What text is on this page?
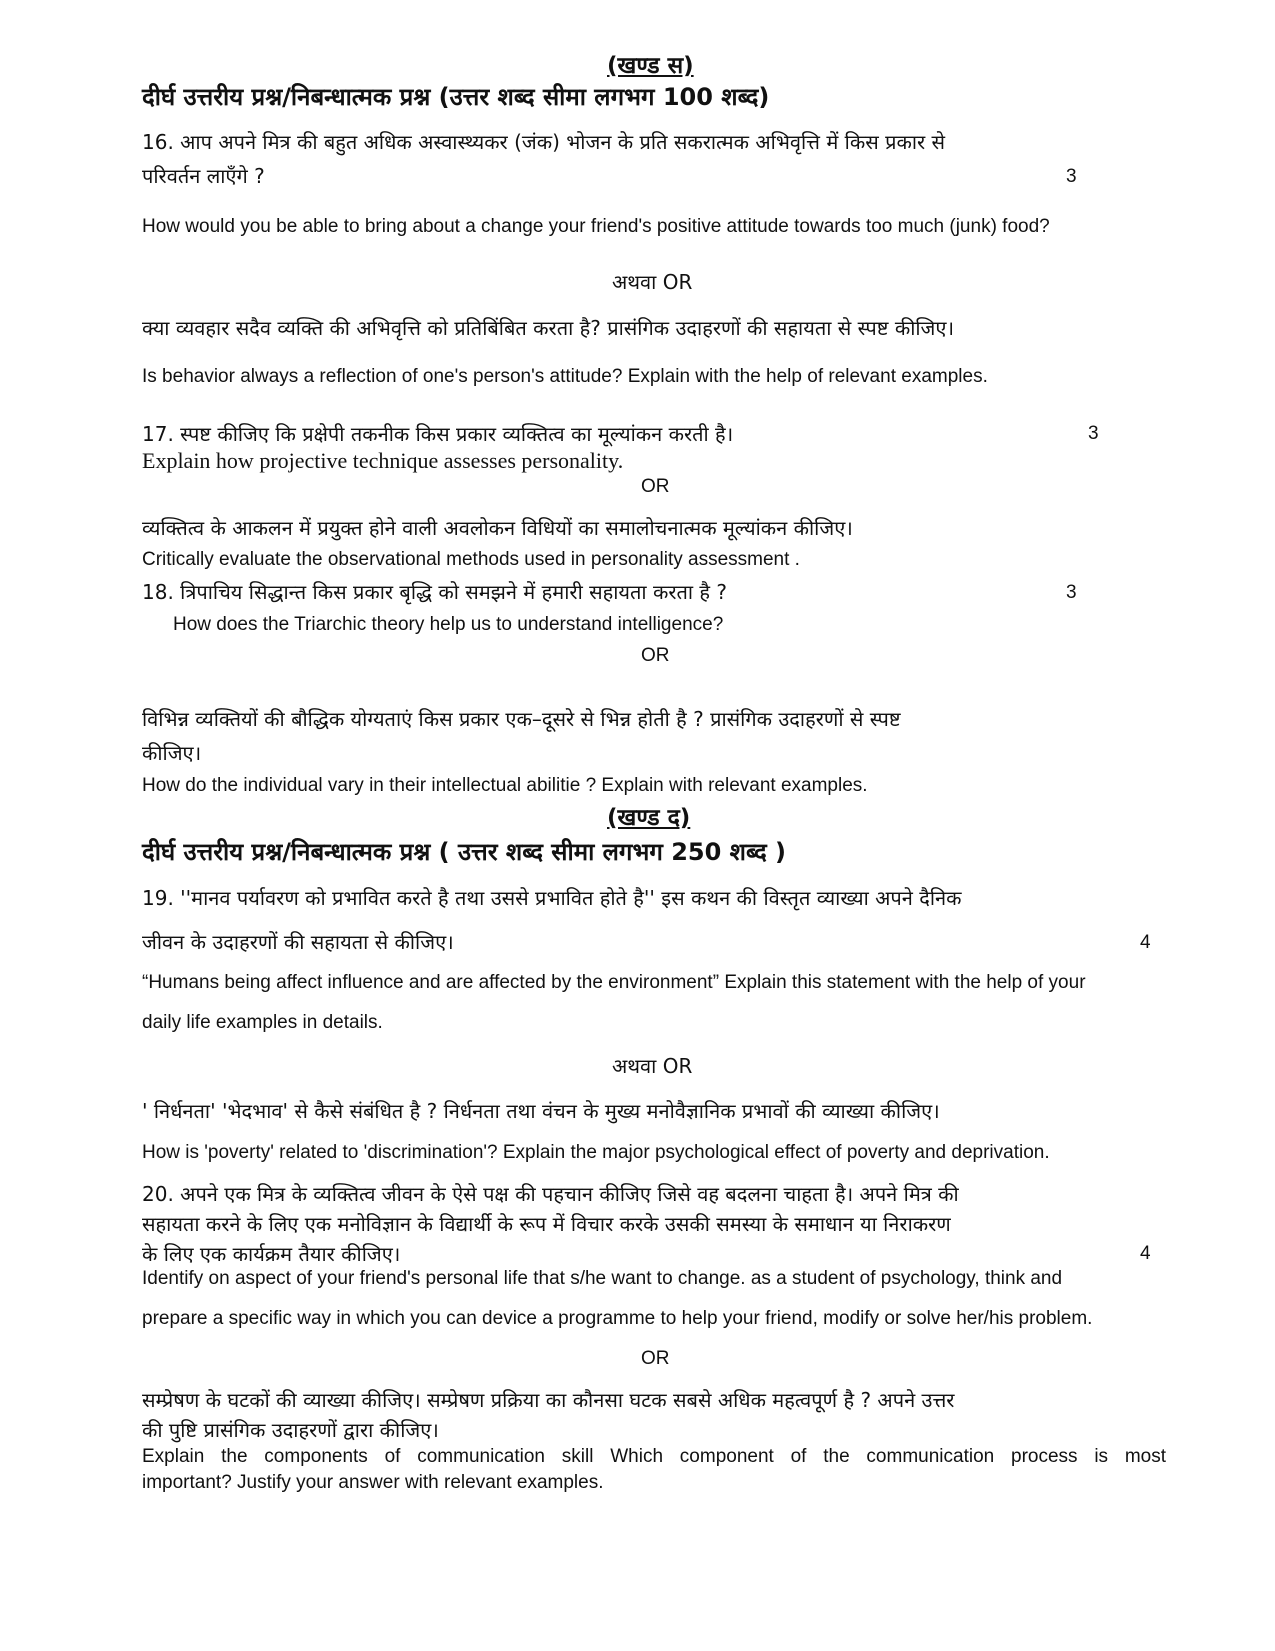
(खण्ड स)
दीर्घ उत्तरीय प्रश्न/निबन्धात्मक प्रश्न (उत्तर शब्द सीमा लगभग 100 शब्द)
16. आप अपने मित्र की बहुत अधिक अस्वास्थ्यकर (जंक) भोजन के प्रति सकरात्मक अभिवृत्ति में किस प्रकार से
परिवर्तन लाएँगे ?	3
How would you be able to bring about a change your friend's positive attitude towards too much (junk) food?
अथवा OR
क्या व्यवहार सदैव व्यक्ति की अभिवृत्ति को प्रतिबिंबित करता है? प्रासंगिक उदाहरणों की सहायता से स्पष्ट कीजिए।
Is behavior always a reflection of one's person's attitude? Explain with the help of relevant examples.
17. स्पष्ट कीजिए कि प्रक्षेपी तकनीक किस प्रकार व्यक्तित्व का मूल्यांकन करती है।	3
Explain how projective technique assesses personality.
OR
व्यक्तित्व के आकलन में प्रयुक्त होने वाली अवलोकन विधियों का समालोचनात्मक मूल्यांकन कीजिए।
Critically evaluate the observational methods used in personality assessment .
18. त्रिपाचिय सिद्धान्त किस प्रकार बृद्धि को समझने में हमारी सहायता करता है ?	3
How does the Triarchic theory help us to understand intelligence?
OR
विभिन्न व्यक्तियों की बौद्धिक योग्यताएं किस प्रकार एक–दूसरे से भिन्न होती है ? प्रासंगिक उदाहरणों से स्पष्ट
कीजिए।
How do the individual vary in their intellectual abilitie ? Explain with relevant examples.
(खण्ड द)
दीर्घ उत्तरीय प्रश्न/निबन्धात्मक प्रश्न ( उत्तर शब्द सीमा लगभग 250 शब्द )
19. ''मानव पर्यावरण को प्रभावित करते है तथा उससे प्रभावित होते है'' इस कथन की विस्तृत व्याख्या अपने दैनिक
जीवन के उदाहरणों की सहायता से कीजिए।	4
“Humans being affect influence and are affected by the environment” Explain this statement with the help of your
daily life examples in details.
अथवा OR
' निर्धनता' 'भेदभाव' से कैसे संबंधित है ? निर्धनता तथा वंचन के मुख्य मनोवैज्ञानिक प्रभावों की व्याख्या कीजिए।
How is 'poverty' related to 'discrimination'? Explain the major psychological effect of poverty and deprivation.
20. अपने एक मित्र के व्यक्तित्व जीवन के ऐसे पक्ष की पहचान कीजिए जिसे वह बदलना चाहता है। अपने मित्र की
सहायता करने के लिए एक मनोविज्ञान के विद्यार्थी के रूप में विचार करके उसकी समस्या के समाधान या निराकरण
के लिए एक कार्यक्रम तैयार कीजिए।	4
Identify on aspect of your friend's personal life that s/he want to change. as a student of psychology, think and
prepare a specific way in which you can device a programme to help your friend, modify or solve her/his problem.
OR
सम्प्रेषण के घटकों की व्याख्या कीजिए। सम्प्रेषण प्रक्रिया का कौनसा घटक सबसे अधिक महत्वपूर्ण है ? अपने उत्तर
की पुष्टि प्रासंगिक उदाहरणों द्वारा कीजिए।
Explain the components of communication skill Which component of the communication process is most
important? Justify your answer with relevant examples.
